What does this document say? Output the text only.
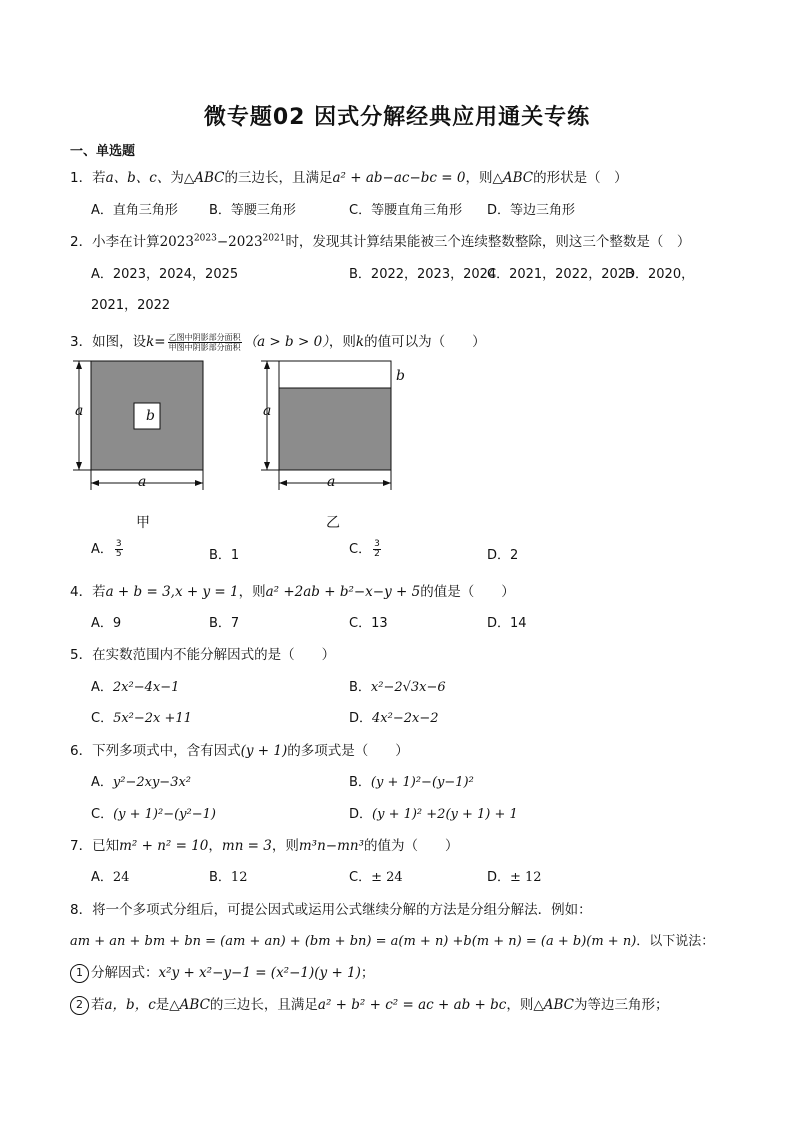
微专题02 因式分解经典应用通关专练
一、单选题
1．若a、b、c、为△ABC的三边长，且满足a² + ab−ac−bc = 0，则△ABC的形状是（　）
A．直角三角形 B．等腰三角形	C．等腰直角三角形 D．等边三角形
2．小李在计算$2023^{2023}-2023^{2021}$时，发现其计算结果能被三个连续整数整除，则这三个整数是（　）
A．2023，2024，2025	B．2022，2023，2024
C．2021，2022，2023
D．2020，
2021，2022
3．如图，设$k= \frac{\text{乙图中阴影部分面积}}{\text{甲图中阴影部分面积}} (a > b > 0)$，则k的值可以为（　　）
a	b
a
甲
a
b
a
乙
A． $\frac{3}{5}$	B．1	C． $\frac{3}{2}$	D．2
4．若a + b = 3,x + y = 1，则a² +2ab + b²−x−y + 5的值是（　　）
A．9	B．7	C．13	D．14
5．在实数范围内不能分解因式的是（　　）
A．2x²−4x−1	B．x²−2√3x−6
C．5x²−2x +11	D．4x²−2x−2
6．下列多项式中，含有因式(y + 1)的多项式是（　　）
A．y²−2xy−3x²	B．(y + 1)²−(y−1)²
C．(y + 1)²−(y²−1)	D．(y + 1)² +2(y + 1) + 1
7．已知m² + n² = 10，mn = 3，则m³n−mn³的值为（　　）
A．24	B．12	C．± 24	D．± 12
8．将一个多项式分组后，可提公因式或运用公式继续分解的方法是分组分解法．例如：
am + an + bm + bn = (am + an) + (bm + bn) = a(m + n) +b(m + n) = (a + b)(m + n)．以下说法：
1 分解因式：x²y + x²−y−1 = (x²−1)(y + 1)；
2 若a，b，c是△ABC的三边长，且满足a² + b² + c² = ac + ab + bc，则△ABC为等边三角形；
